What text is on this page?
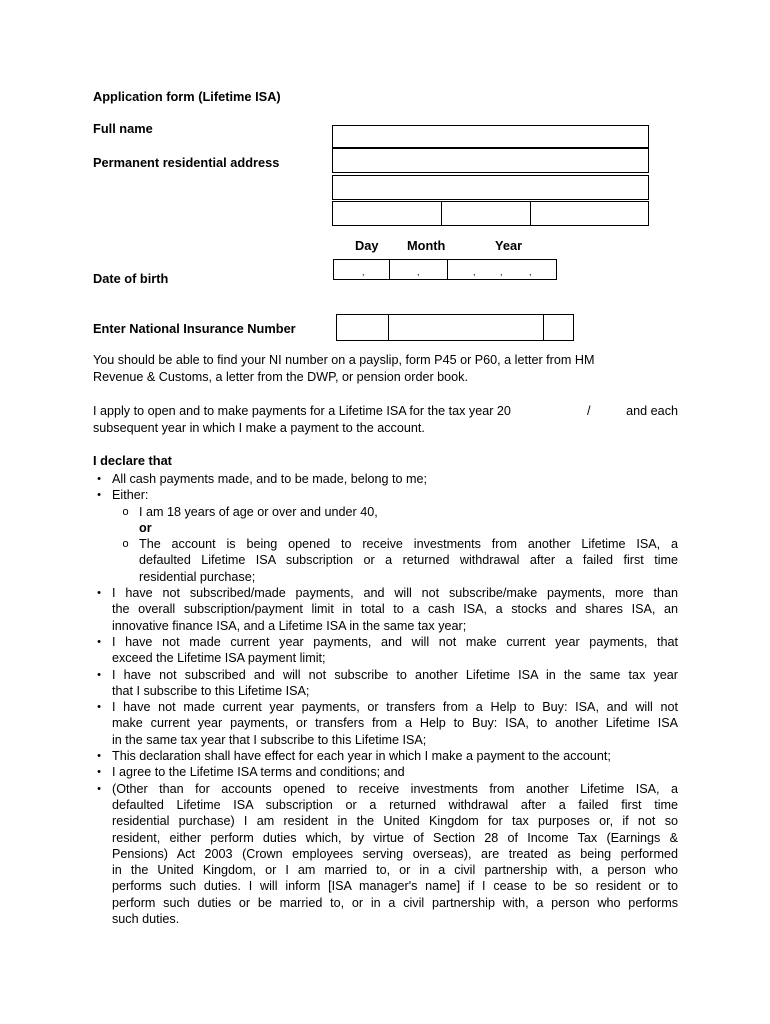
Application form (Lifetime ISA)
Full name
Permanent residential address
Day Month	Year
Date of birth	,	,	,	,	,
Enter National Insurance Number
You should be able to find your NI number on a payslip, form P45 or P60, a letter from HM
Revenue & Customs, a letter from the DWP, or pension order book.
I apply to open and to make payments for a Lifetime ISA for the tax year 20	/	and each
subsequent year in which I make a payment to the account.
I declare that
• All cash payments made, and to be made, belong to me;
• Either:
o I am 18 years of age or over and under 40,
or
o The account is being opened to receive investments from another Lifetime ISA, a
defaulted Lifetime ISA subscription or a returned withdrawal after a failed first time
residential purchase;
• I have not subscribed/made payments, and will not subscribe/make payments, more than
the overall subscription/payment limit in total to a cash ISA, a stocks and shares ISA, an
innovative finance ISA, and a Lifetime ISA in the same tax year;
• I have not made current year payments, and will not make current year payments, that
exceed the Lifetime ISA payment limit;
• I have not subscribed and will not subscribe to another Lifetime ISA in the same tax year
that I subscribe to this Lifetime ISA;
• I have not made current year payments, or transfers from a Help to Buy: ISA, and will not
make current year payments, or transfers from a Help to Buy: ISA, to another Lifetime ISA
in the same tax year that I subscribe to this Lifetime ISA;
• This declaration shall have effect for each year in which I make a payment to the account;
• I agree to the Lifetime ISA terms and conditions; and
• (Other than for accounts opened to receive investments from another Lifetime ISA, a
defaulted Lifetime ISA subscription or a returned withdrawal after a failed first time
residential purchase) I am resident in the United Kingdom for tax purposes or, if not so
resident, either perform duties which, by virtue of Section 28 of Income Tax (Earnings &
Pensions) Act 2003 (Crown employees serving overseas), are treated as being performed
in the United Kingdom, or I am married to, or in a civil partnership with, a person who
performs such duties. I will inform [ISA manager's name] if I cease to be so resident or to
perform such duties or be married to, or in a civil partnership with, a person who performs
such duties.
